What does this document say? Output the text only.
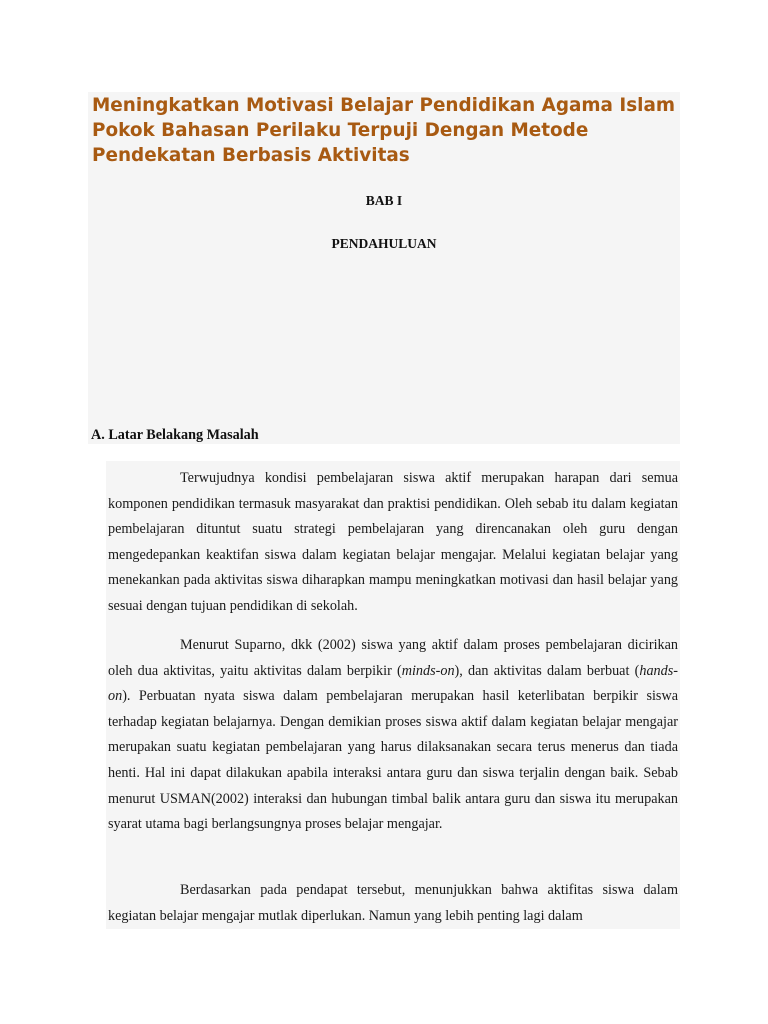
Meningkatkan Motivasi Belajar Pendidikan Agama Islam Pokok Bahasan Perilaku Terpuji Dengan Metode Pendekatan Berbasis Aktivitas

BAB I

PENDAHULUAN

A. Latar Belakang Masalah

Terwujudnya kondisi pembelajaran siswa aktif merupakan harapan dari semua komponen pendidikan termasuk masyarakat dan praktisi pendidikan. Oleh sebab itu dalam kegiatan pembelajaran dituntut suatu strategi pembelajaran yang direncanakan oleh guru dengan mengedepankan keaktifan siswa dalam kegiatan belajar mengajar. Melalui kegiatan belajar yang menekankan pada aktivitas siswa diharapkan mampu meningkatkan motivasi dan hasil belajar yang sesuai dengan tujuan pendidikan di sekolah.

Menurut Suparno, dkk (2002) siswa yang aktif dalam proses pembelajaran dicirikan oleh dua aktivitas, yaitu aktivitas dalam berpikir (minds-on), dan aktivitas dalam berbuat (hands-on). Perbuatan nyata siswa dalam pembelajaran merupakan hasil keterlibatan berpikir siswa terhadap kegiatan belajarnya. Dengan demikian proses siswa aktif dalam kegiatan belajar mengajar merupakan suatu kegiatan pembelajaran yang harus dilaksanakan secara terus menerus dan tiada henti. Hal ini dapat dilakukan apabila interaksi antara guru dan siswa terjalin dengan baik. Sebab menurut USMAN(2002) interaksi dan hubungan timbal balik antara guru dan siswa itu merupakan syarat utama bagi berlangsungnya proses belajar mengajar.

Berdasarkan pada pendapat tersebut, menunjukkan bahwa aktifitas siswa dalam kegiatan belajar mengajar mutlak diperlukan. Namun yang lebih penting lagi dalam
